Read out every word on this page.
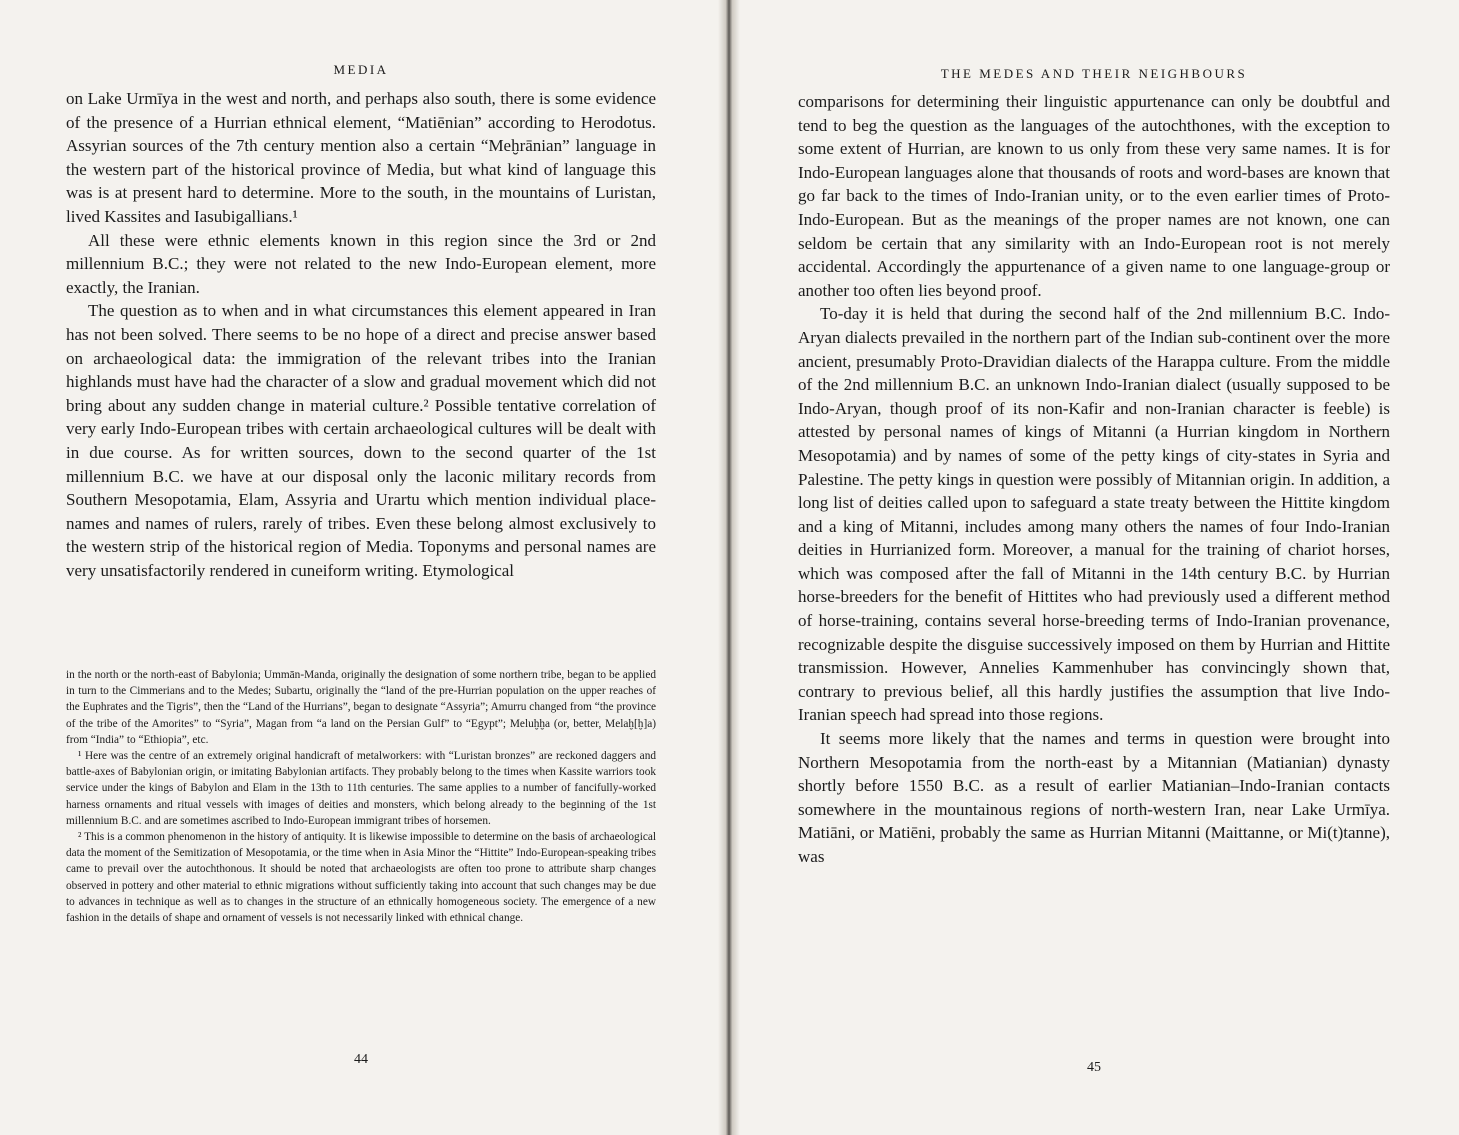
MEDIA

on Lake Urmīya in the west and north, and perhaps also south, there is some evidence of the presence of a Hurrian ethnical element, “Matiēnian” according to Herodotus. Assyrian sources of the 7th century mention also a certain “Meḫrānian” language in the western part of the historical province of Media, but what kind of language this was is at present hard to determine. More to the south, in the mountains of Luristan, lived Kassites and Iasubigallians.¹

All these were ethnic elements known in this region since the 3rd or 2nd millennium B.C.; they were not related to the new Indo-European element, more exactly, the Iranian.

The question as to when and in what circumstances this element appeared in Iran has not been solved. There seems to be no hope of a direct and precise answer based on archaeological data: the immigration of the relevant tribes into the Iranian highlands must have had the character of a slow and gradual movement which did not bring about any sudden change in material culture.² Possible tentative correlation of very early Indo-European tribes with certain archaeological cultures will be dealt with in due course. As for written sources, down to the second quarter of the 1st millennium B.C. we have at our disposal only the laconic military records from Southern Mesopotamia, Elam, Assyria and Urartu which mention individual place-names and names of rulers, rarely of tribes. Even these belong almost exclusively to the western strip of the historical region of Media. Toponyms and personal names are very unsatisfactorily rendered in cuneiform writing. Etymological

in the north or the north-east of Babylonia; Ummān-Manda, originally the designation of some northern tribe, began to be applied in turn to the Cimmerians and to the Medes; Subartu, originally the “land of the pre-Hurrian population on the upper reaches of the Euphrates and the Tigris”, then the “Land of the Hurrians”, began to designate “Assyria”; Amurru changed from “the province of the tribe of the Amorites” to “Syria”, Magan from “a land on the Persian Gulf” to “Egypt”; Meluḫḫa (or, better, Melaḫ[ḫ]a) from “India” to “Ethiopia”, etc.

¹ Here was the centre of an extremely original handicraft of metalworkers: with “Luristan bronzes” are reckoned daggers and battle-axes of Babylonian origin, or imitating Babylonian artifacts. They probably belong to the times when Kassite warriors took service under the kings of Babylon and Elam in the 13th to 11th centuries. The same applies to a number of fancifully-worked harness ornaments and ritual vessels with images of deities and monsters, which belong already to the beginning of the 1st millennium B.C. and are sometimes ascribed to Indo-European immigrant tribes of horsemen.

² This is a common phenomenon in the history of antiquity. It is likewise impossible to determine on the basis of archaeological data the moment of the Semitization of Mesopotamia, or the time when in Asia Minor the “Hittite” Indo-European-speaking tribes came to prevail over the autochthonous. It should be noted that archaeologists are often too prone to attribute sharp changes observed in pottery and other material to ethnic migrations without sufficiently taking into account that such changes may be due to advances in technique as well as to changes in the structure of an ethnically homogeneous society. The emergence of a new fashion in the details of shape and ornament of vessels is not necessarily linked with ethnical change.

44
THE MEDES AND THEIR NEIGHBOURS

comparisons for determining their linguistic appurtenance can only be doubtful and tend to beg the question as the languages of the autochthones, with the exception to some extent of Hurrian, are known to us only from these very same names. It is for Indo-European languages alone that thousands of roots and word-bases are known that go far back to the times of Indo-Iranian unity, or to the even earlier times of Proto-Indo-European. But as the meanings of the proper names are not known, one can seldom be certain that any similarity with an Indo-European root is not merely accidental. Accordingly the appurtenance of a given name to one language-group or another too often lies beyond proof.

To-day it is held that during the second half of the 2nd millennium B.C. Indo-Aryan dialects prevailed in the northern part of the Indian sub-continent over the more ancient, presumably Proto-Dravidian dialects of the Harappa culture. From the middle of the 2nd millennium B.C. an unknown Indo-Iranian dialect (usually supposed to be Indo-Aryan, though proof of its non-Kafir and non-Iranian character is feeble) is attested by personal names of kings of Mitanni (a Hurrian kingdom in Northern Mesopotamia) and by names of some of the petty kings of city-states in Syria and Palestine. The petty kings in question were possibly of Mitannian origin. In addition, a long list of deities called upon to safeguard a state treaty between the Hittite kingdom and a king of Mitanni, includes among many others the names of four Indo-Iranian deities in Hurrianized form. Moreover, a manual for the training of chariot horses, which was composed after the fall of Mitanni in the 14th century B.C. by Hurrian horse-breeders for the benefit of Hittites who had previously used a different method of horse-training, contains several horse-breeding terms of Indo-Iranian provenance, recognizable despite the disguise successively imposed on them by Hurrian and Hittite transmission. However, Annelies Kammenhuber has convincingly shown that, contrary to previous belief, all this hardly justifies the assumption that live Indo-Iranian speech had spread into those regions.

It seems more likely that the names and terms in question were brought into Northern Mesopotamia from the north-east by a Mitannian (Matianian) dynasty shortly before 1550 B.C. as a result of earlier Matianian–Indo-Iranian contacts somewhere in the mountainous regions of north-western Iran, near Lake Urmīya. Matiāni, or Matiēni, probably the same as Hurrian Mitanni (Maittanne, or Mi(t)tanne), was

45
